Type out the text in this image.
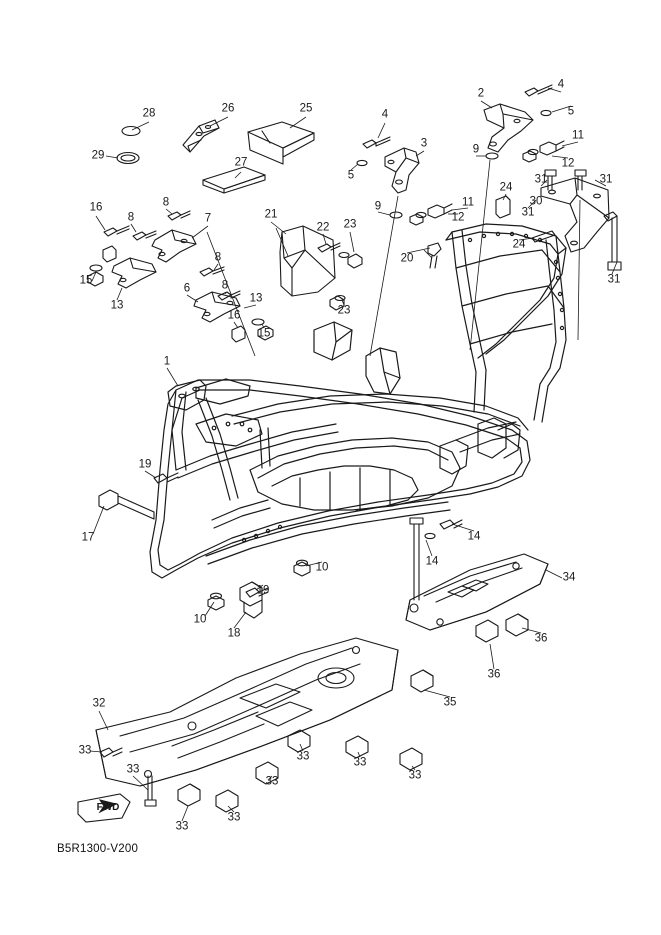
28	26	25
29
27
4
3
5
2
4
5
11
9
12
24
31	31
11
9
12	31
30
24
31
16
8
8
7	21
22 23
20
15
8
13
6	8
13
16	23
15
1
19
17	14
14
10
34
19
10
18	36
36
35
32
33
33
33	33
33
33
33
33
FWD
B5R1300-V200
